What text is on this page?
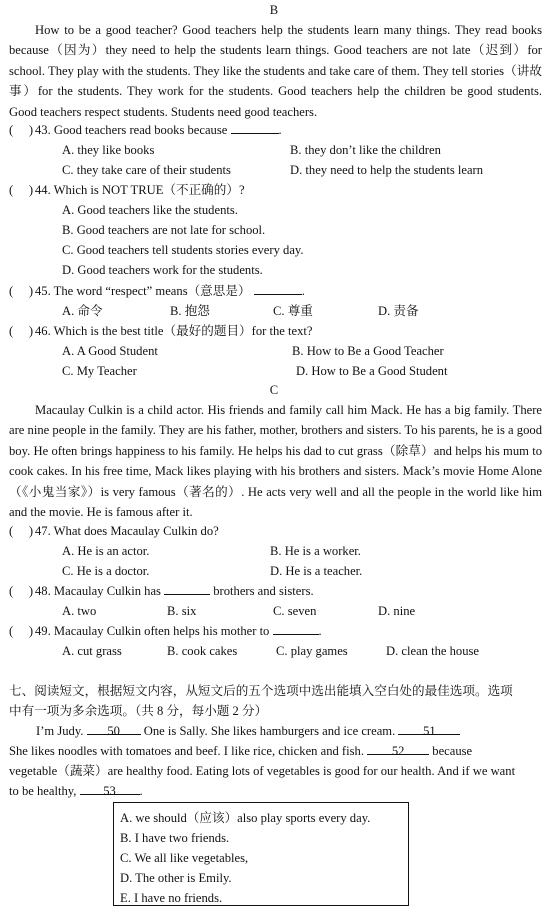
B
How to be a good teacher? Good teachers help the students learn many things. They read books because（因为）they need to help the students learn things. Good teachers are not late（迟到）for school. They play with the students. They like the students and take care of them. They tell stories（讲故事）for the students. They work for the students. Good teachers help the children be good students. Good teachers respect students. Students need good teachers.
(     ) 43. Good teachers read books because	.
A. they like books	B. they don’t like the children
C. they take care of their students	D. they need to help the students learn
(     ) 44. Which is NOT TRUE（不正确的）?
A. Good teachers like the students.
B. Good teachers are not late for school.
C. Good teachers tell students stories every day.
D. Good teachers work for the students.
(     ) 45. The word “respect” means（意思是）	.
A. 命令	B. 抱怨	C. 尊重	D. 责备
(     ) 46. Which is the best title（最好的题目）for the text?
A. A Good Student	B. How to Be a Good Teacher
C. My Teacher	D. How to Be a Good Student
C
Macaulay Culkin is a child actor. His friends and family call him Mack. He has a big family. There are nine people in the family. They are his father, mother, brothers and sisters. To his parents, he is a good boy. He often brings happiness to his family. He helps his dad to cut grass（除草）and helps his mum to cook cakes. In his free time, Mack likes playing with his brothers and sisters. Mack’s movie Home Alone（《小鬼当家》）is very famous（著名的）. He acts very well and all the people in the world like him and the movie. He is famous after it.
(     ) 47. What does Macaulay Culkin do?
A. He is an actor.	B. He is a worker.
C. He is a doctor.	D. He is a teacher.
(     ) 48. Macaulay Culkin has	brothers and sisters.
A. two	B. six	C. seven	D. nine
(     ) 49. Macaulay Culkin often helps his mother to	.
A. cut grass	B. cook cakes	C. play games	D. clean the house
七、阅读短文，根据短文内容，从短文后的五个选项中选出能填入空白处的最佳选项。选项
中有一项为多余选项。（共 8 分，每小题 2 分）
I’m Judy. 50 One is Sally. She likes hamburgers and ice cream. 51
She likes noodles with tomatoes and beef. I like rice, chicken and fish. 52 because
vegetable（蔬菜）are healthy food. Eating lots of vegetables is good for our health. And if we want
to be healthy, 53 .
A. we should（应该）also play sports every day.
B. I have two friends.
C. We all like vegetables,
D. The other is Emily.
E. I have no friends.
